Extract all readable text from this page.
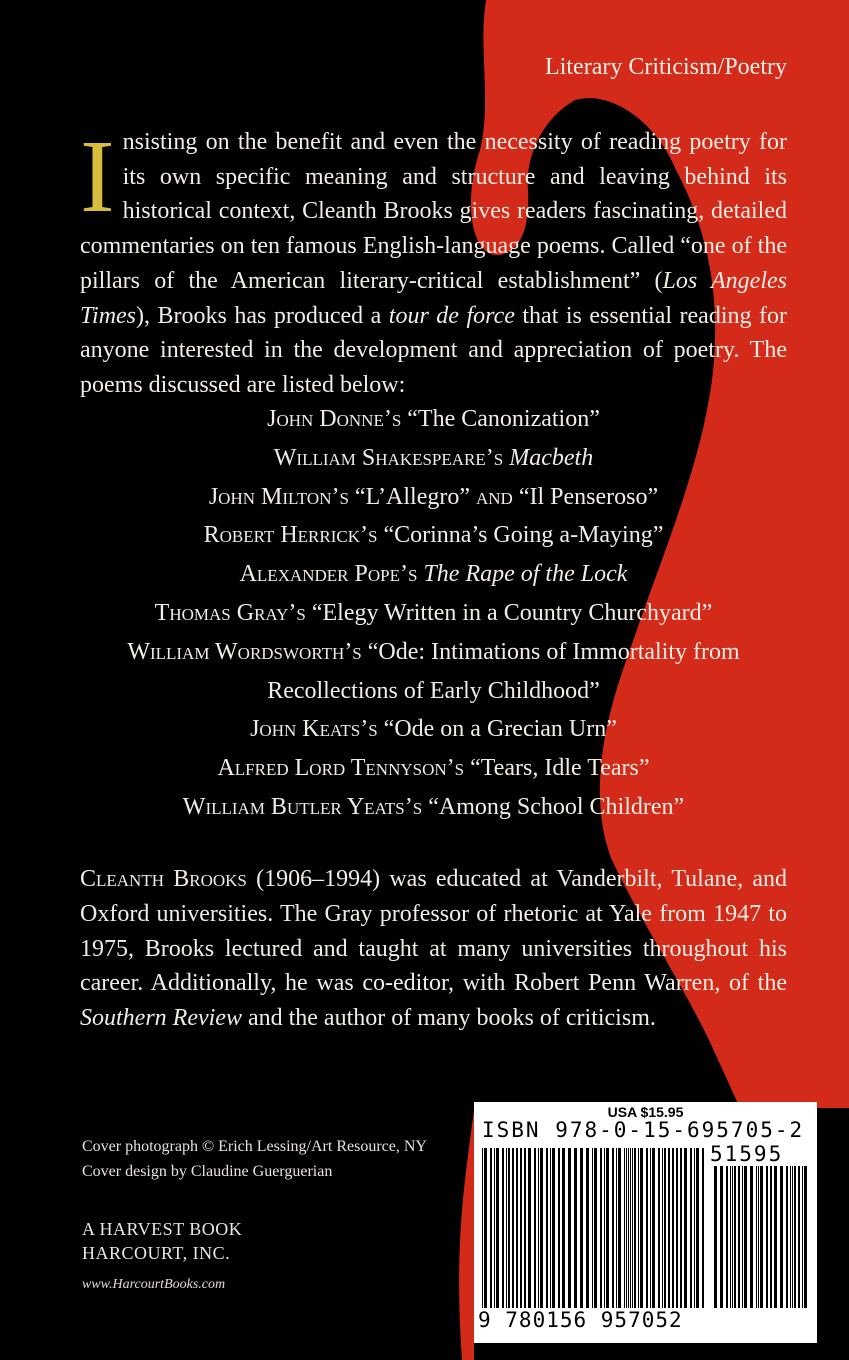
Literary Criticism/Poetry

Insisting on the benefit and even the necessity of reading poetry for its own specific meaning and structure and leaving behind its historical context, Cleanth Brooks gives readers fascinating, detailed commentaries on ten famous English-language poems. Called “one of the pillars of the American literary-critical establishment” (Los Angeles Times), Brooks has produced a tour de force that is essential reading for anyone interested in the development and appreciation of poetry. The poems discussed are listed below:

John Donne’s “The Canonization”
William Shakespeare’s Macbeth
John Milton’s “L’Allegro” and “Il Penseroso”
Robert Herrick’s “Corinna’s Going a-Maying”
Alexander Pope’s The Rape of the Lock
Thomas Gray’s “Elegy Written in a Country Churchyard”
William Wordsworth’s “Ode: Intimations of Immortality from
Recollections of Early Childhood”
John Keats’s “Ode on a Grecian Urn”
Alfred Lord Tennyson’s “Tears, Idle Tears”
William Butler Yeats’s “Among School Children”

Cleanth Brooks (1906–1994) was educated at Vanderbilt, Tulane, and Oxford universities. The Gray professor of rhetoric at Yale from 1947 to 1975, Brooks lectured and taught at many universities throughout his career. Additionally, he was co-editor, with Robert Penn Warren, of the Southern Review and the author of many books of criticism.

Cover photograph © Erich Lessing/Art Resource, NY
Cover design by Claudine Guerguerian
A HARVEST BOOK
HARCOURT, INC.
www.HarcourtBooks.com
USA $15.95
ISBN 978-0-15-695705-2
51595
9 780156 957052
